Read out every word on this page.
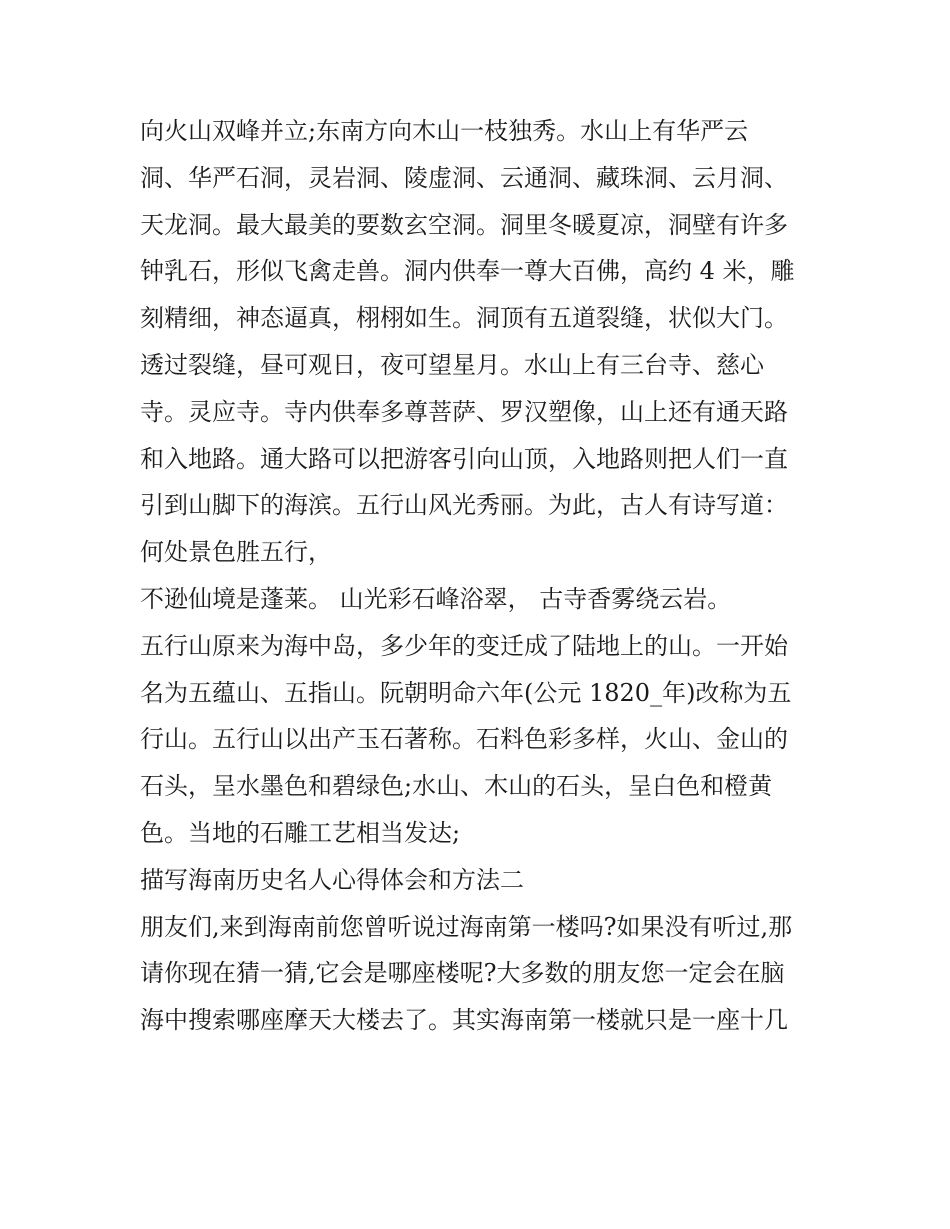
向火山双峰并立;东南方向木山一枝独秀。水山上有华严云
洞、华严石洞，灵岩洞、陵虚洞、云通洞、藏珠洞、云月洞、
天龙洞。最大最美的要数玄空洞。洞里冬暖夏凉，洞壁有许多
钟乳石，形似飞禽走兽。洞内供奉一尊大百佛，高约 4 米，雕
刻精细，神态逼真，栩栩如生。洞顶有五道裂缝，状似大门。
透过裂缝，昼可观日，夜可望星月。水山上有三台寺、慈心
寺。灵应寺。寺内供奉多尊菩萨、罗汉塑像，山上还有通天路
和入地路。通大路可以把游客引向山顶，入地路则把人们一直
引到山脚下的海滨。五行山风光秀丽。为此，古人有诗写道：
何处景色胜五行，
不逊仙境是蓬莱。 山光彩石峰浴翠， 古寺香雾绕云岩。
五行山原来为海中岛，多少年的变迁成了陆地上的山。一开始
名为五蕴山、五指山。阮朝明命六年(公元 1820_年)改称为五
行山。五行山以出产玉石著称。石料色彩多样，火山、金山的
石头，呈水墨色和碧绿色;水山、木山的石头，呈白色和橙黄
色。当地的石雕工艺相当发达;
描写海南历史名人心得体会和方法二
朋友们,来到海南前您曾听说过海南第一楼吗?如果没有听过,那
请你现在猜一猜,它会是哪座楼呢?大多数的朋友您一定会在脑
海中搜索哪座摩天大楼去了。其实海南第一楼就只是一座十几
